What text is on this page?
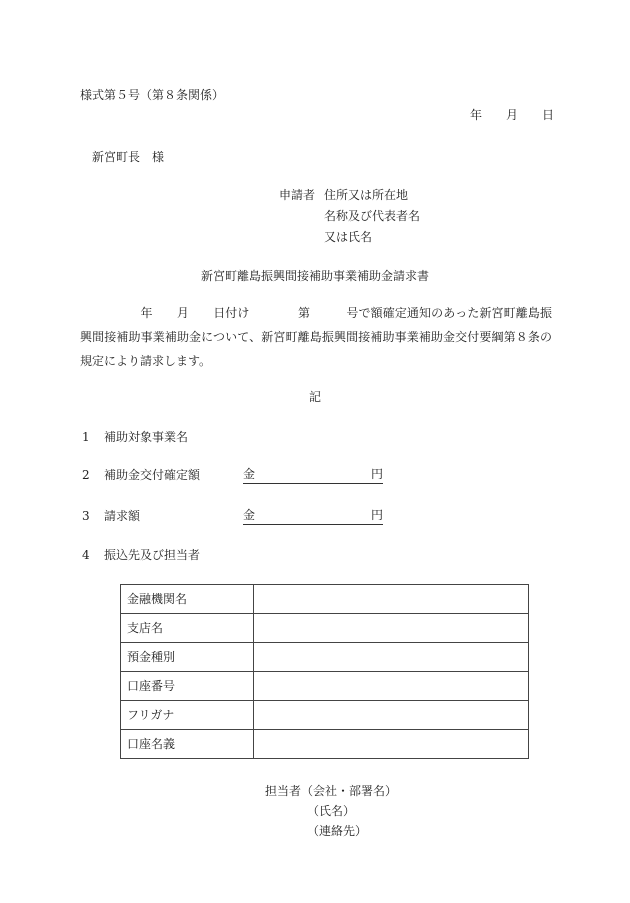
様式第５号（第８条関係）
年　　月　　日
新宮町長　様
申請者 住所又は所在地
名称及び代表者名
又は氏名
新宮町離島振興間接補助事業補助金請求書
　　　　　年　　月　　日付け　　　　第　　　号で額確定通知のあった新宮町離島振興間接補助事業補助金について、新宮町離島振興間接補助事業補助金交付要綱第８条の規定により請求します。
記
1 補助対象事業名
2 補助金交付確定額	金	円
3 請求額	金	円
4 振込先及び担当者
金融機関名	
支店名	
預金種別	
口座番号	
フリガナ	
口座名義	
担当者（会社・部署名）
（氏名）
（連絡先）
